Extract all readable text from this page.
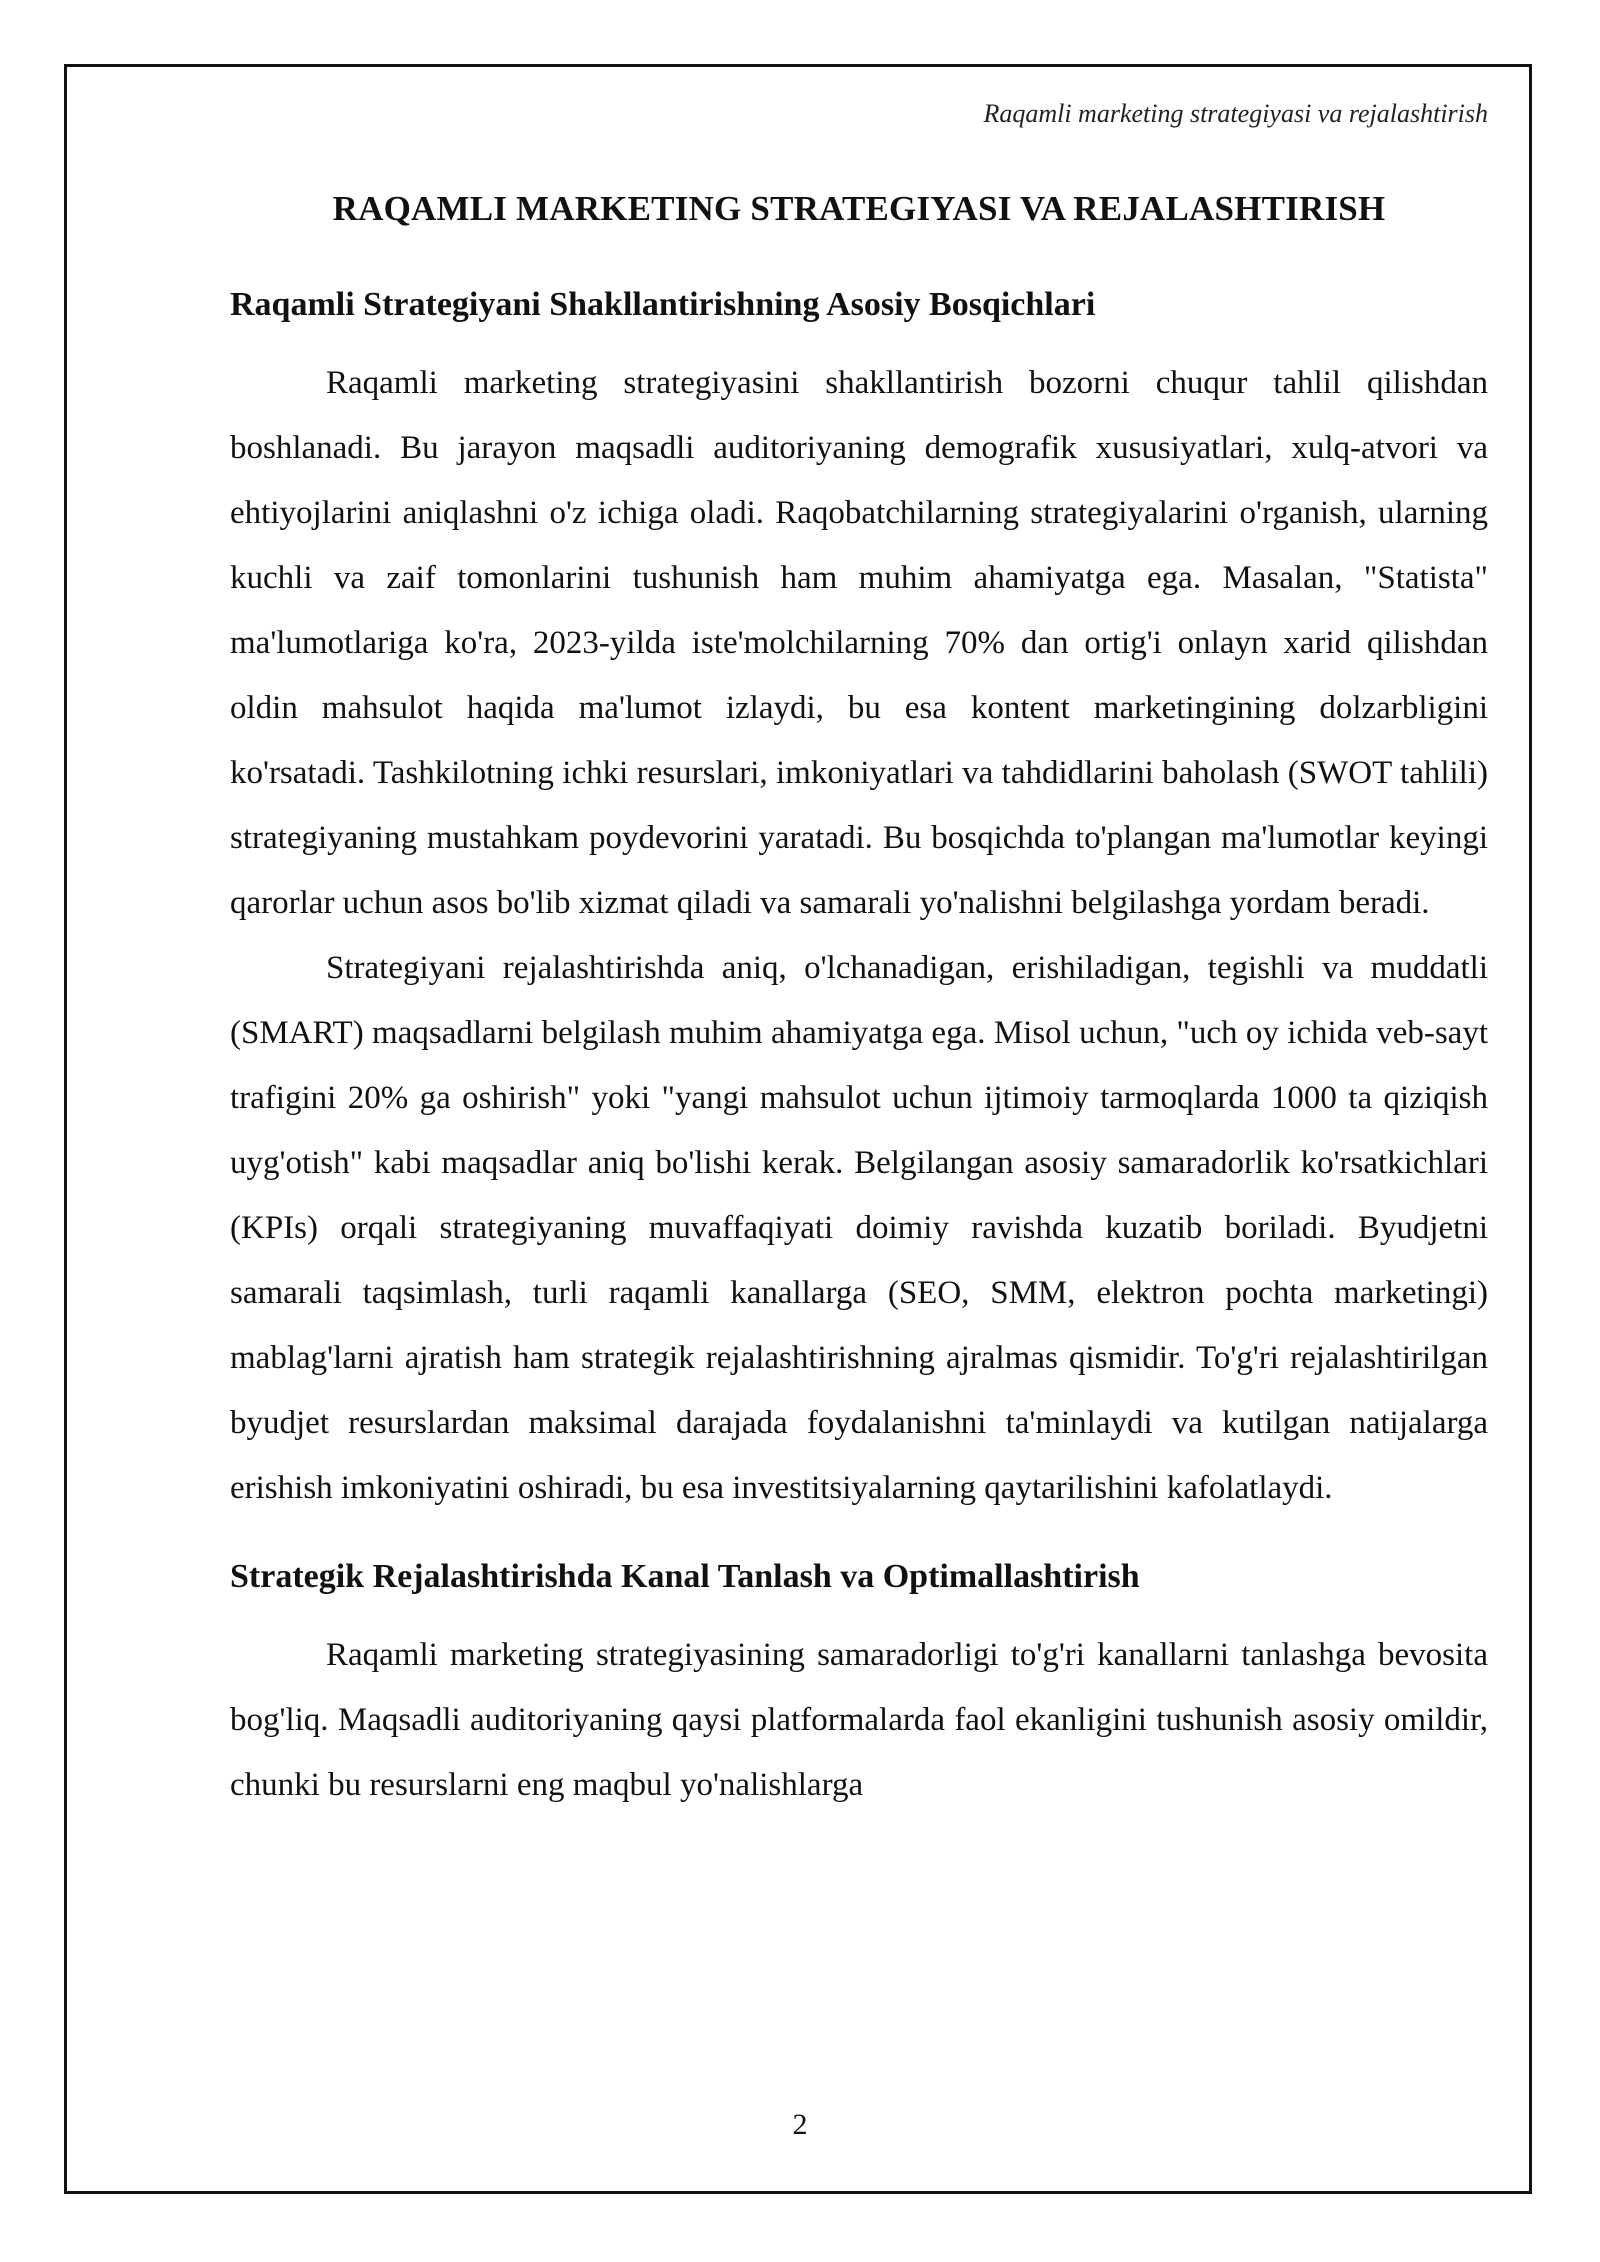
Raqamli marketing strategiyasi va rejalashtirish
RAQAMLI MARKETING STRATEGIYASI VA REJALASHTIRISH
Raqamli Strategiyani Shakllantirishning Asosiy Bosqichlari

Raqamli marketing strategiyasini shakllantirish bozorni chuqur tahlil qilishdan boshlanadi. Bu jarayon maqsadli auditoriyaning demografik xususiyatlari, xulq-atvori va ehtiyojlarini aniqlashni o'z ichiga oladi. Raqobatchilarning strategiyalarini o'rganish, ularning kuchli va zaif tomonlarini tushunish ham muhim ahamiyatga ega. Masalan, "Statista" ma'lumotlariga ko'ra, 2023-yilda iste'molchilarning 70% dan ortig'i onlayn xarid qilishdan oldin mahsulot haqida ma'lumot izlaydi, bu esa kontent marketingining dolzarbligini ko'rsatadi. Tashkilotning ichki resurslari, imkoniyatlari va tahdidlarini baholash (SWOT tahlili) strategiyaning mustahkam poydevorini yaratadi. Bu bosqichda to'plangan ma'lumotlar keyingi qarorlar uchun asos bo'lib xizmat qiladi va samarali yo'nalishni belgilashga yordam beradi.

Strategiyani rejalashtirishda aniq, o'lchanadigan, erishiladigan, tegishli va muddatli (SMART) maqsadlarni belgilash muhim ahamiyatga ega. Misol uchun, "uch oy ichida veb-sayt trafigini 20% ga oshirish" yoki "yangi mahsulot uchun ijtimoiy tarmoqlarda 1000 ta qiziqish uyg'otish" kabi maqsadlar aniq bo'lishi kerak. Belgilangan asosiy samaradorlik ko'rsatkichlari (KPIs) orqali strategiyaning muvaffaqiyati doimiy ravishda kuzatib boriladi. Byudjetni samarali taqsimlash, turli raqamli kanallarga (SEO, SMM, elektron pochta marketingi) mablag'larni ajratish ham strategik rejalashtirishning ajralmas qismidir. To'g'ri rejalashtirilgan byudjet resurslardan maksimal darajada foydalanishni ta'minlaydi va kutilgan natijalarga erishish imkoniyatini oshiradi, bu esa investitsiyalarning qaytarilishini kafolatlaydi.

Strategik Rejalashtirishda Kanal Tanlash va Optimallashtirish

Raqamli marketing strategiyasining samaradorligi to'g'ri kanallarni tanlashga bevosita bog'liq. Maqsadli auditoriyaning qaysi platformalarda faol ekanligini tushunish asosiy omildir, chunki bu resurslarni eng maqbul yo'nalishlarga

2
